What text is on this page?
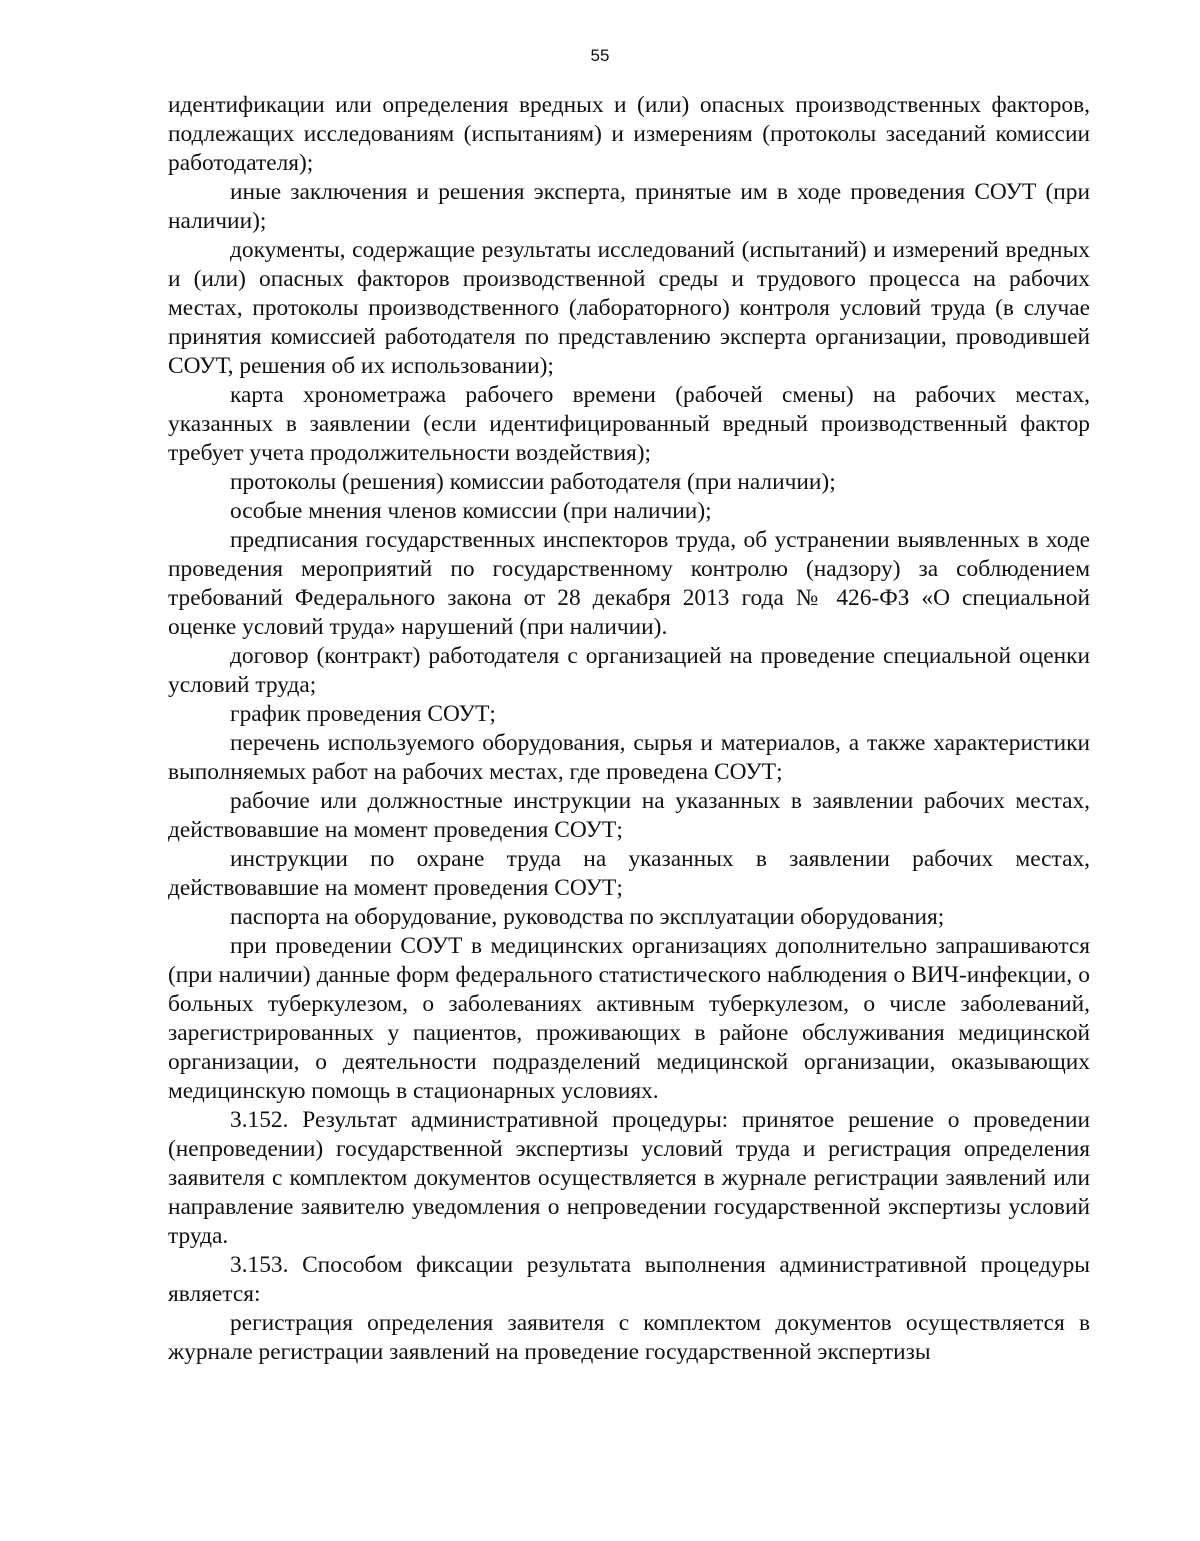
55

идентификации или определения вредных и (или) опасных производственных факторов, подлежащих исследованиям (испытаниям) и измерениям (протоколы заседаний комиссии работодателя);

иные заключения и решения эксперта, принятые им в ходе проведения СОУТ (при наличии);

документы, содержащие результаты исследований (испытаний) и измерений вредных и (или) опасных факторов производственной среды и трудового процесса на рабочих местах, протоколы производственного (лабораторного) контроля условий труда (в случае принятия комиссией работодателя по представлению эксперта организации, проводившей СОУТ, решения об их использовании);

карта хронометража рабочего времени (рабочей смены) на рабочих местах, указанных в заявлении (если идентифицированный вредный производственный фактор требует учета продолжительности воздействия);

протоколы (решения) комиссии работодателя (при наличии);

особые мнения членов комиссии (при наличии);

предписания государственных инспекторов труда, об устранении выявленных в ходе проведения мероприятий по государственному контролю (надзору) за соблюдением требований Федерального закона от 28 декабря 2013 года № 426-ФЗ «О специальной оценке условий труда» нарушений (при наличии).

договор (контракт) работодателя с организацией на проведение специальной оценки условий труда;

график проведения СОУТ;

перечень используемого оборудования, сырья и материалов, а также характеристики выполняемых работ на рабочих местах, где проведена СОУТ;

рабочие или должностные инструкции на указанных в заявлении рабочих местах, действовавшие на момент проведения СОУТ;

инструкции по охране труда на указанных в заявлении рабочих местах, действовавшие на момент проведения СОУТ;

паспорта на оборудование, руководства по эксплуатации оборудования;

при проведении СОУТ в медицинских организациях дополнительно запрашиваются (при наличии) данные форм федерального статистического наблюдения о ВИЧ-инфекции, о больных туберкулезом, о заболеваниях активным туберкулезом, о числе заболеваний, зарегистрированных у пациентов, проживающих в районе обслуживания медицинской организации, о деятельности подразделений медицинской организации, оказывающих медицинскую помощь в стационарных условиях.

3.152. Результат административной процедуры: принятое решение о проведении (непроведении) государственной экспертизы условий труда и регистрация определения заявителя с комплектом документов осуществляется в журнале регистрации заявлений или направление заявителю уведомления о непроведении государственной экспертизы условий труда.

3.153. Способом фиксации результата выполнения административной процедуры является:

регистрация определения заявителя с комплектом документов осуществляется в журнале регистрации заявлений на проведение государственной экспертизы
